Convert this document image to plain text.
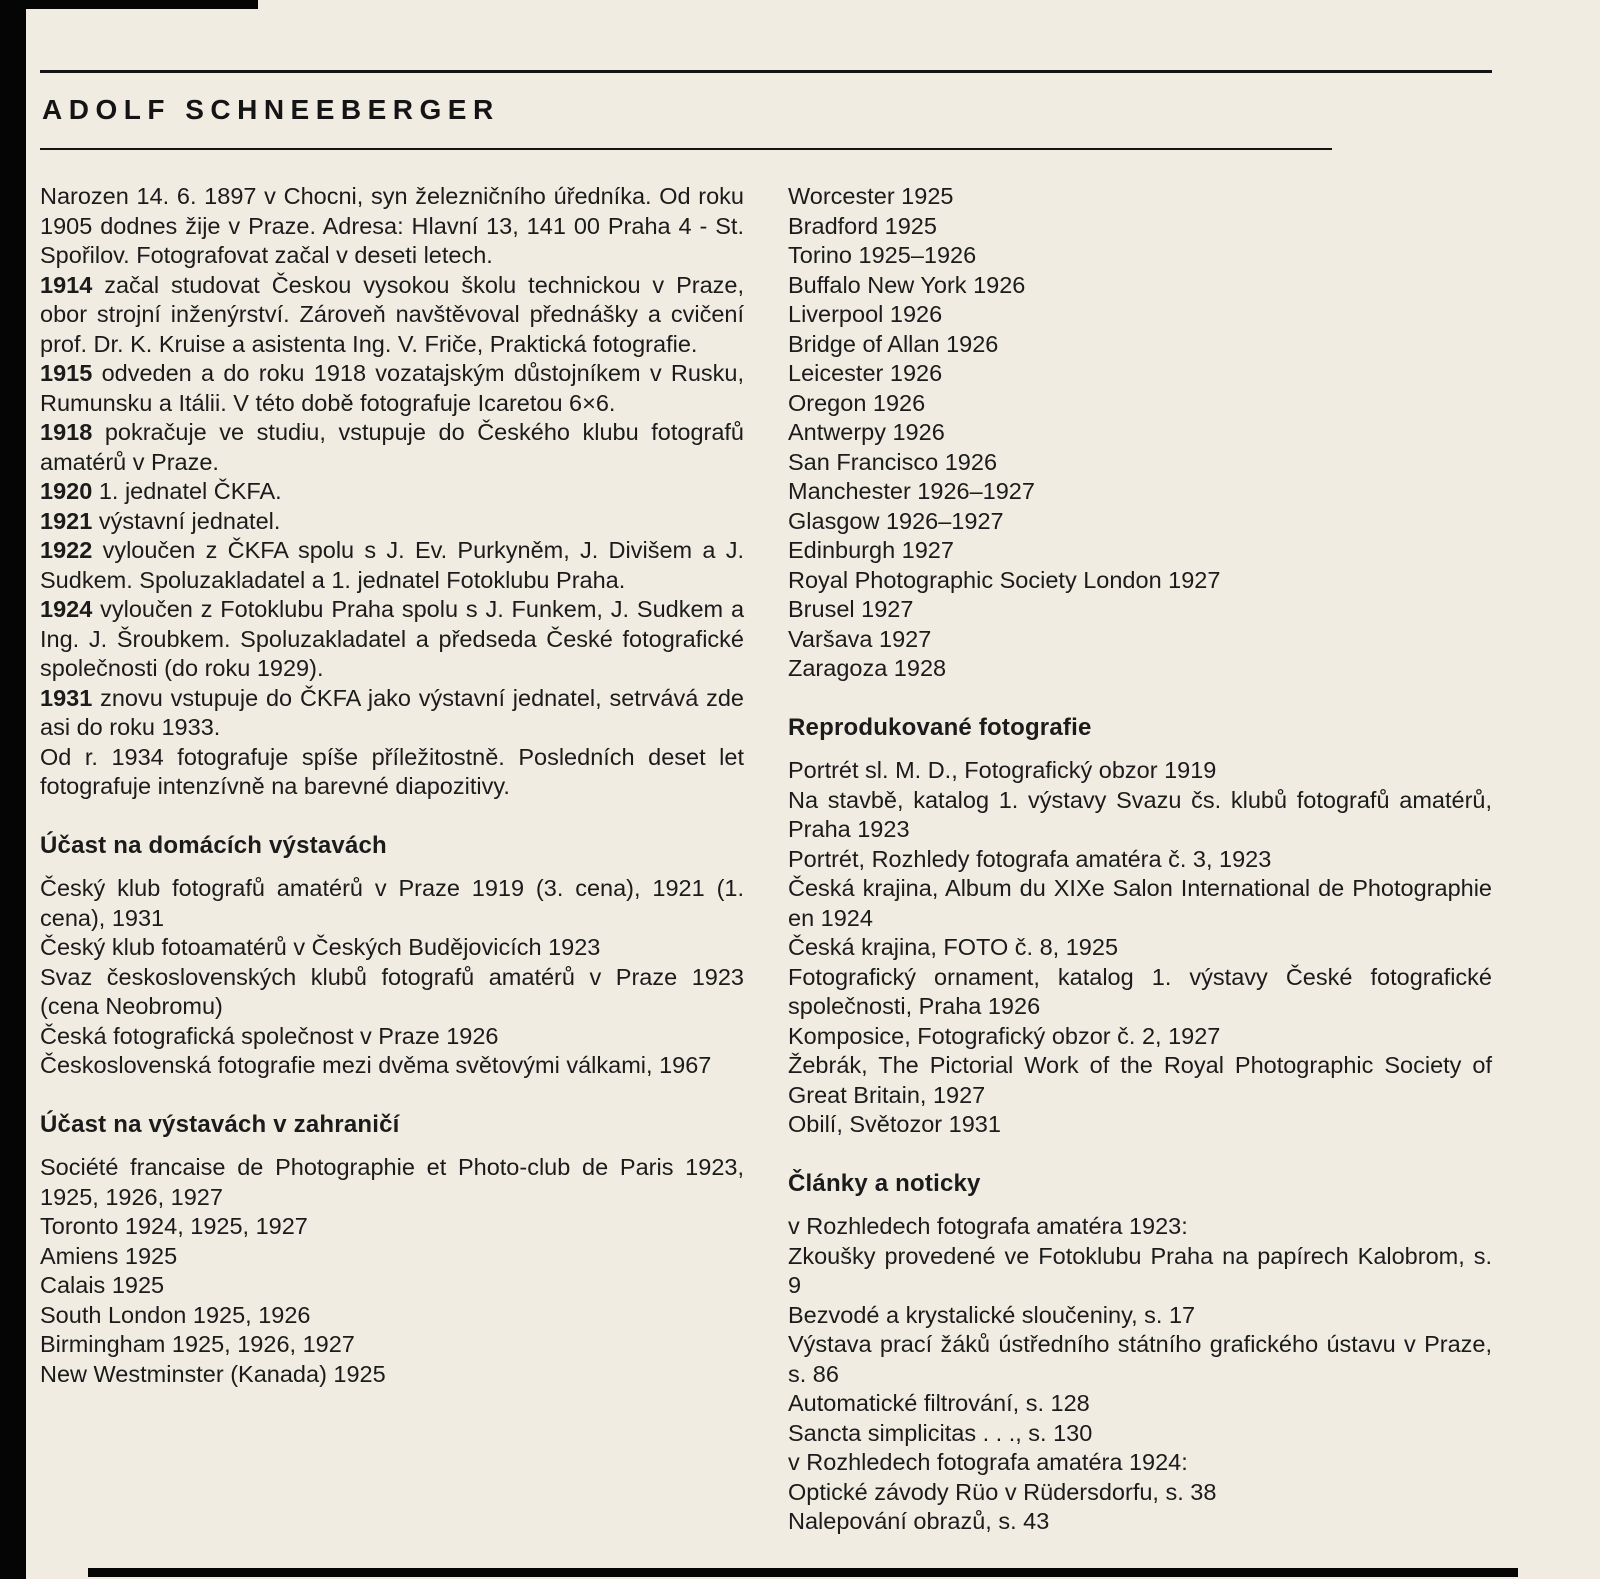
ADOLF SCHNEEBERGER

Narozen 14. 6. 1897 v Chocni, syn železničního úředníka. Od roku 1905 dodnes žije v Praze. Adresa: Hlavní 13, 141 00 Praha 4 - St. Spořilov. Fotografovat začal v deseti letech.

1914 začal studovat Českou vysokou školu technickou v Praze, obor strojní inženýrství. Zároveň navštěvoval přednášky a cvičení prof. Dr. K. Kruise a asistenta Ing. V. Friče, Praktická fotografie.

1915 odveden a do roku 1918 vozatajským důstojníkem v Rusku, Rumunsku a Itálii. V této době fotografuje Icaretou 6×6.

1918 pokračuje ve studiu, vstupuje do Českého klubu fotografů amatérů v Praze.

1920 1. jednatel ČKFA.

1921 výstavní jednatel.

1922 vyloučen z ČKFA spolu s J. Ev. Purkyněm, J. Divišem a J. Sudkem. Spoluzakladatel a 1. jednatel Fotoklubu Praha.

1924 vyloučen z Fotoklubu Praha spolu s J. Funkem, J. Sudkem a Ing. J. Šroubkem. Spoluzakladatel a předseda České fotografické společnosti (do roku 1929).

1931 znovu vstupuje do ČKFA jako výstavní jednatel, setrvává zde asi do roku 1933.

Od r. 1934 fotografuje spíše příležitostně. Posledních deset let fotografuje intenzívně na barevné diapozitivy.

Účast na domácích výstavách

Český klub fotografů amatérů v Praze 1919 (3. cena), 1921 (1. cena), 1931

Český klub fotoamatérů v Českých Budějovicích 1923

Svaz československých klubů fotografů amatérů v Praze 1923 (cena Neobromu)

Česká fotografická společnost v Praze 1926

Československá fotografie mezi dvěma světovými válkami, 1967

Účast na výstavách v zahraničí

Société francaise de Photographie et Photo-club de Paris 1923, 1925, 1926, 1927

Toronto 1924, 1925, 1927

Amiens 1925

Calais 1925

South London 1925, 1926

Birmingham 1925, 1926, 1927

New Westminster (Kanada) 1925

Worcester 1925

Bradford 1925

Torino 1925–1926

Buffalo New York 1926

Liverpool 1926

Bridge of Allan 1926

Leicester 1926

Oregon 1926

Antwerpy 1926

San Francisco 1926

Manchester 1926–1927

Glasgow 1926–1927

Edinburgh 1927

Royal Photographic Society London 1927

Brusel 1927

Varšava 1927

Zaragoza 1928

Reprodukované fotografie

Portrét sl. M. D., Fotografický obzor 1919

Na stavbě, katalog 1. výstavy Svazu čs. klubů fotografů amatérů, Praha 1923

Portrét, Rozhledy fotografa amatéra č. 3, 1923

Česká krajina, Album du XIXe Salon International de Photographie en 1924

Česká krajina, FOTO č. 8, 1925

Fotografický ornament, katalog 1. výstavy České fotografické společnosti, Praha 1926

Komposice, Fotografický obzor č. 2, 1927

Žebrák, The Pictorial Work of the Royal Photographic Society of Great Britain, 1927

Obilí, Světozor 1931

Články a noticky

v Rozhledech fotografa amatéra 1923:

Zkoušky provedené ve Fotoklubu Praha na papírech Kalobrom, s. 9

Bezvodé a krystalické sloučeniny, s. 17

Výstava prací žáků ústředního státního grafického ústavu v Praze, s. 86

Automatické filtrování, s. 128

Sancta simplicitas . . ., s. 130

v Rozhledech fotografa amatéra 1924:

Optické závody Rüo v Rüdersdorfu, s. 38

Nalepování obrazů, s. 43
